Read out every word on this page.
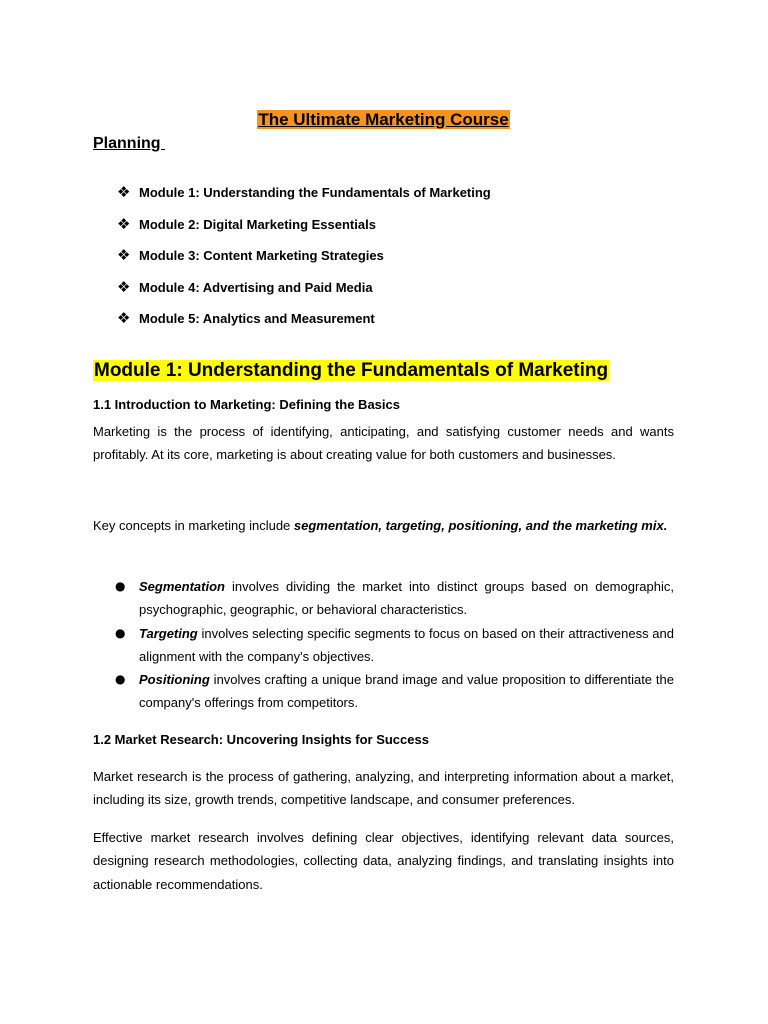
The Ultimate Marketing Course
Planning
❖ Module 1: Understanding the Fundamentals of Marketing
❖ Module 2: Digital Marketing Essentials
❖ Module 3: Content Marketing Strategies
❖ Module 4: Advertising and Paid Media
❖ Module 5: Analytics and Measurement
Module 1: Understanding the Fundamentals of Marketing
1.1 Introduction to Marketing: Defining the Basics

Marketing is the process of identifying, anticipating, and satisfying customer needs and wants profitably. At its core, marketing is about creating value for both customers and businesses.

Key concepts in marketing include segmentation, targeting, positioning, and the marketing mix.

● Segmentation involves dividing the market into distinct groups based on demographic, psychographic, geographic, or behavioral characteristics.
● Targeting involves selecting specific segments to focus on based on their attractiveness and alignment with the company's objectives.
● Positioning involves crafting a unique brand image and value proposition to differentiate the company's offerings from competitors.
1.2 Market Research: Uncovering Insights for Success

Market research is the process of gathering, analyzing, and interpreting information about a market, including its size, growth trends, competitive landscape, and consumer preferences.

Effective market research involves defining clear objectives, identifying relevant data sources, designing research methodologies, collecting data, analyzing findings, and translating insights into actionable recommendations.
